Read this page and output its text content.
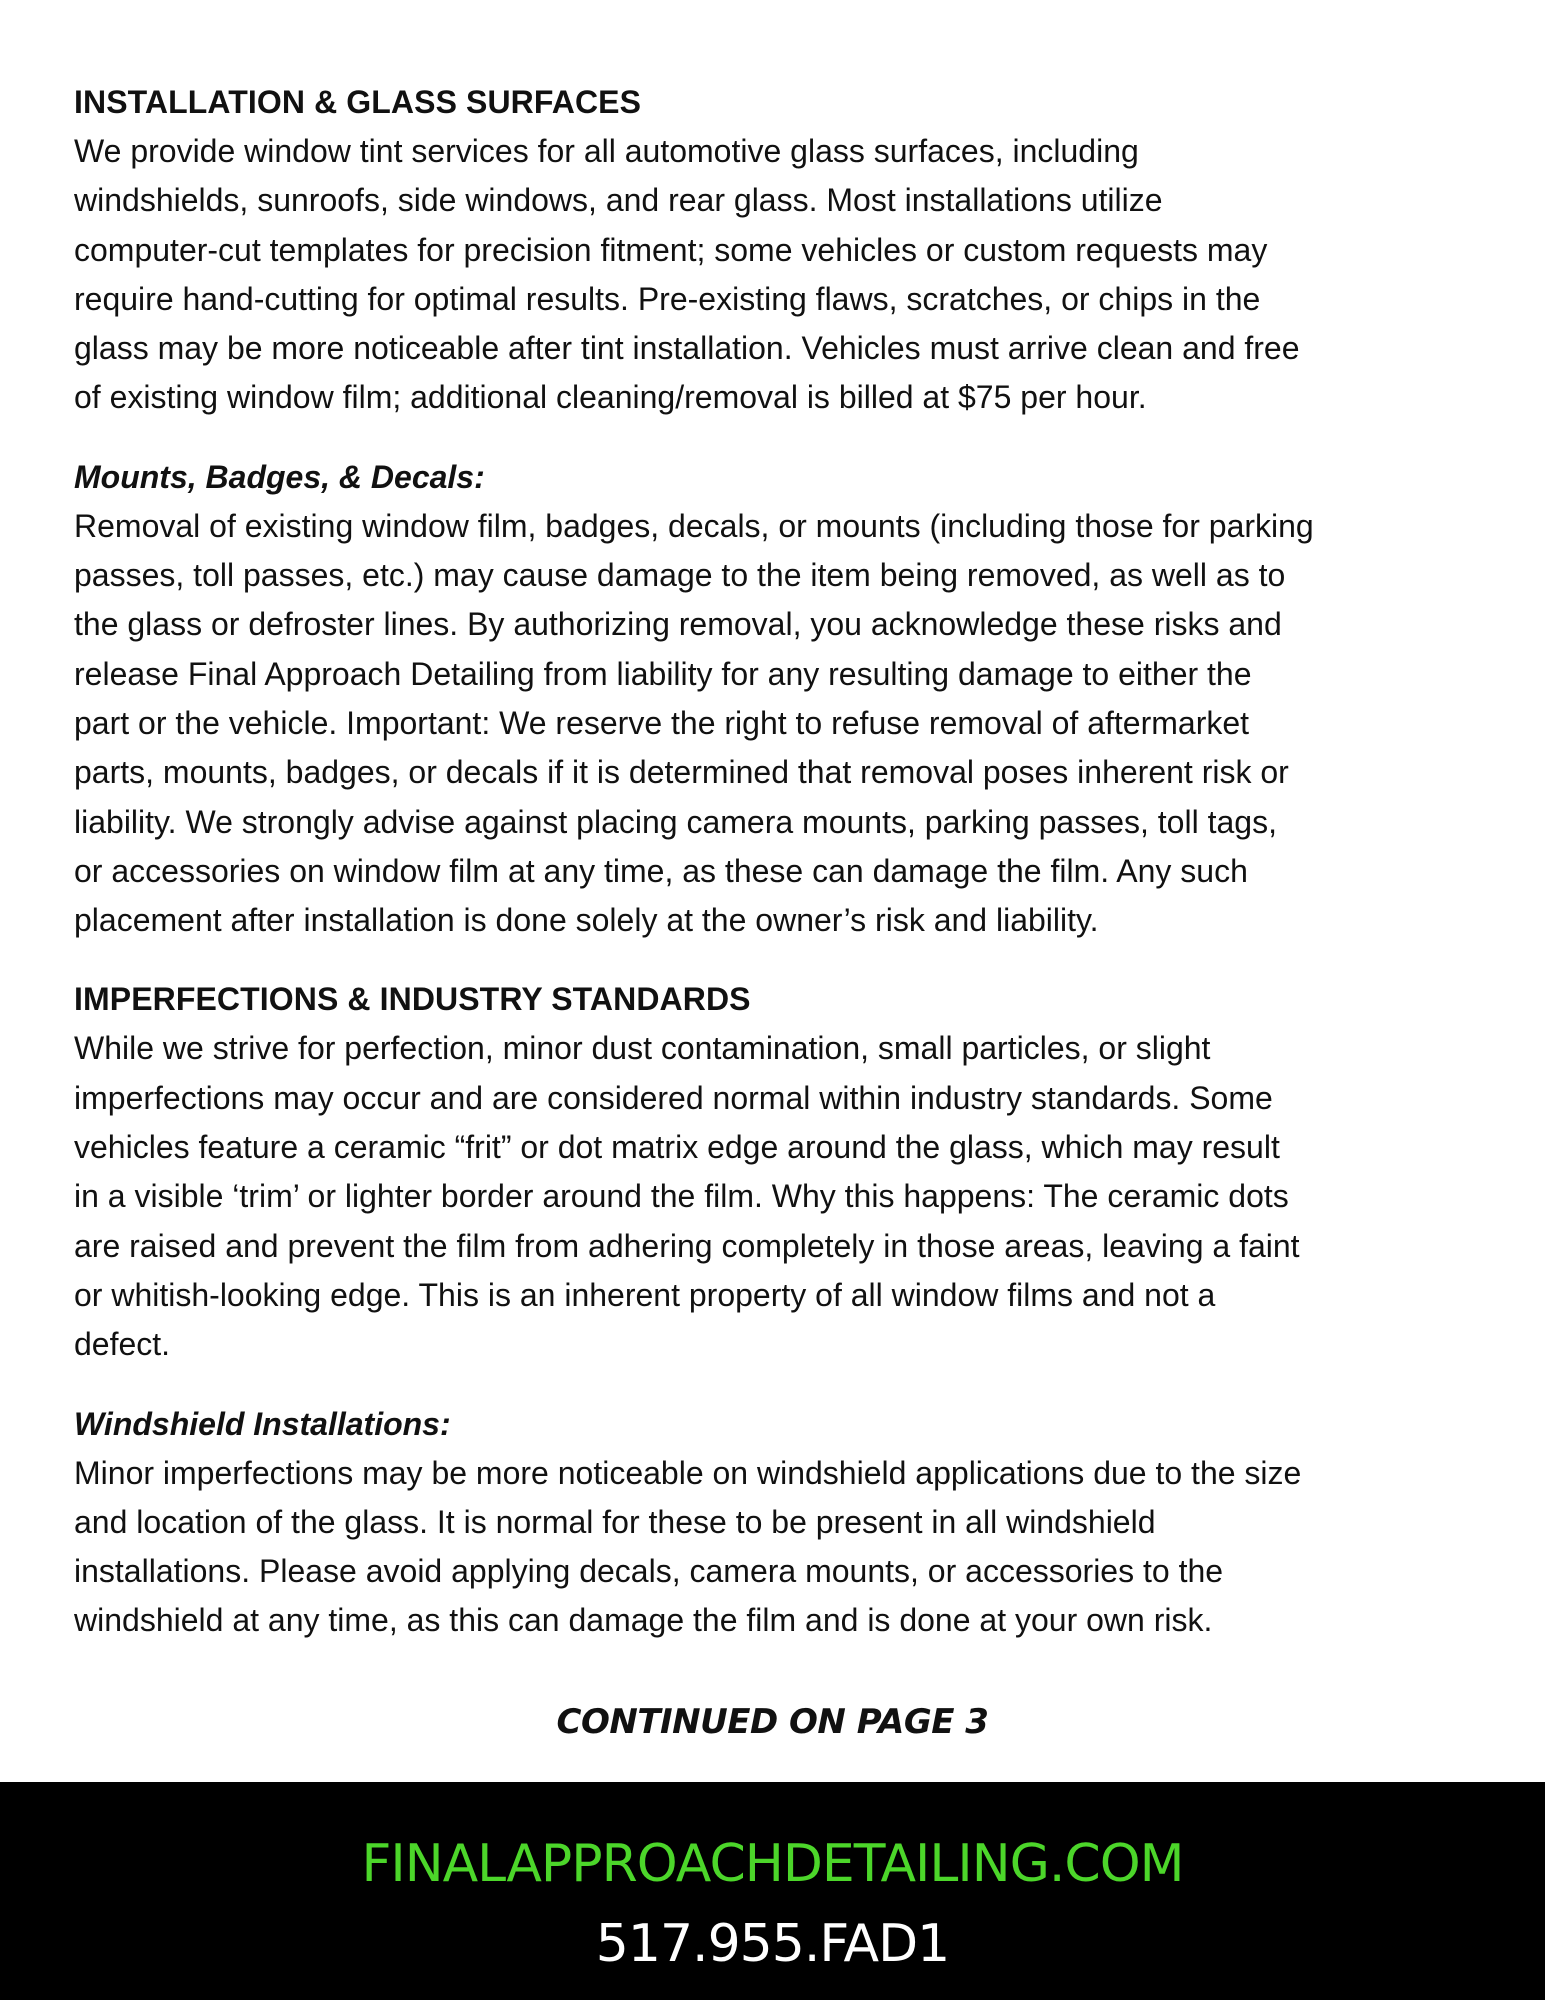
INSTALLATION & GLASS SURFACES

We provide window tint services for all automotive glass surfaces, including
windshields, sunroofs, side windows, and rear glass. Most installations utilize
computer-cut templates for precision fitment; some vehicles or custom requests may
require hand-cutting for optimal results. Pre-existing flaws, scratches, or chips in the
glass may be more noticeable after tint installation. Vehicles must arrive clean and free
of existing window film; additional cleaning/removal is billed at $75 per hour.

Mounts, Badges, & Decals:

Removal of existing window film, badges, decals, or mounts (including those for parking
passes, toll passes, etc.) may cause damage to the item being removed, as well as to
the glass or defroster lines. By authorizing removal, you acknowledge these risks and
release Final Approach Detailing from liability for any resulting damage to either the
part or the vehicle. Important: We reserve the right to refuse removal of aftermarket
parts, mounts, badges, or decals if it is determined that removal poses inherent risk or
liability. We strongly advise against placing camera mounts, parking passes, toll tags,
or accessories on window film at any time, as these can damage the film. Any such
placement after installation is done solely at the owner’s risk and liability.

IMPERFECTIONS & INDUSTRY STANDARDS

While we strive for perfection, minor dust contamination, small particles, or slight
imperfections may occur and are considered normal within industry standards. Some
vehicles feature a ceramic “frit” or dot matrix edge around the glass, which may result
in a visible ‘trim’ or lighter border around the film. Why this happens: The ceramic dots
are raised and prevent the film from adhering completely in those areas, leaving a faint
or whitish-looking edge. This is an inherent property of all window films and not a
defect.

Windshield Installations:

Minor imperfections may be more noticeable on windshield applications due to the size
and location of the glass. It is normal for these to be present in all windshield
installations. Please avoid applying decals, camera mounts, or accessories to the
windshield at any time, as this can damage the film and is done at your own risk.

CONTINUED ON PAGE 3
FINALAPPROACHDETAILING.COM
517.955.FAD1
